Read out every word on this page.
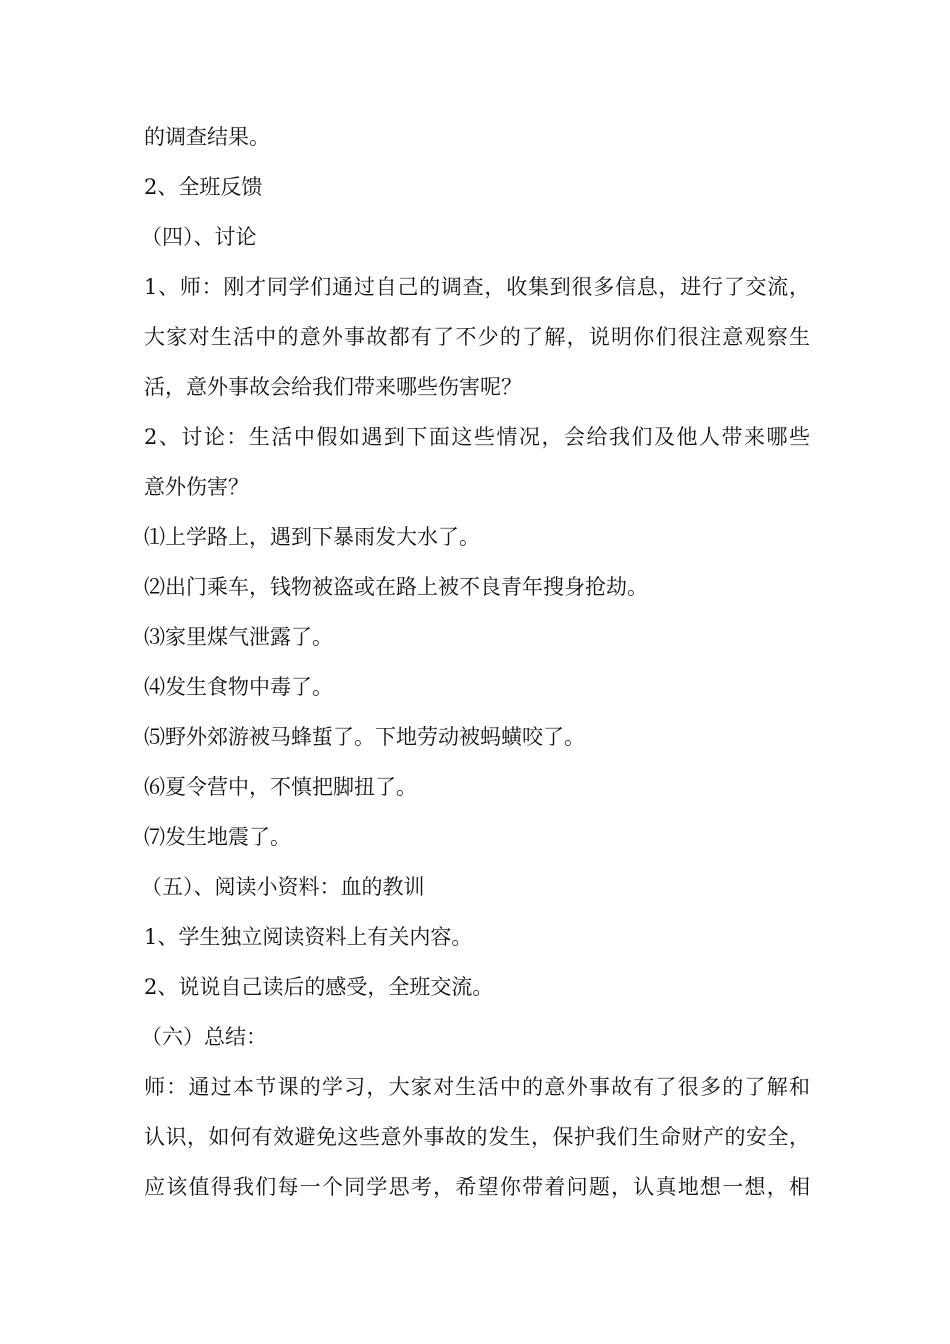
的调查结果。
2、全班反馈
（四）、讨论
1、师：刚才同学们通过自己的调查，收集到很多信息，进行了交流，
大家对生活中的意外事故都有了不少的了解，说明你们很注意观察生
活，意外事故会给我们带来哪些伤害呢？
2、讨论：生活中假如遇到下面这些情况，会给我们及他人带来哪些
意外伤害？
⑴上学路上，遇到下暴雨发大水了。
⑵出门乘车，钱物被盗或在路上被不良青年搜身抢劫。
⑶家里煤气泄露了。
⑷发生食物中毒了。
⑸野外郊游被马蜂蜇了。下地劳动被蚂蟥咬了。
⑹夏令营中，不慎把脚扭了。
⑺发生地震了。
（五）、阅读小资料：血的教训
1、学生独立阅读资料上有关内容。
2、说说自己读后的感受，全班交流。
（六）总结：
师：通过本节课的学习，大家对生活中的意外事故有了很多的了解和
认识，如何有效避免这些意外事故的发生，保护我们生命财产的安全，
应该值得我们每一个同学思考，希望你带着问题，认真地想一想，相
